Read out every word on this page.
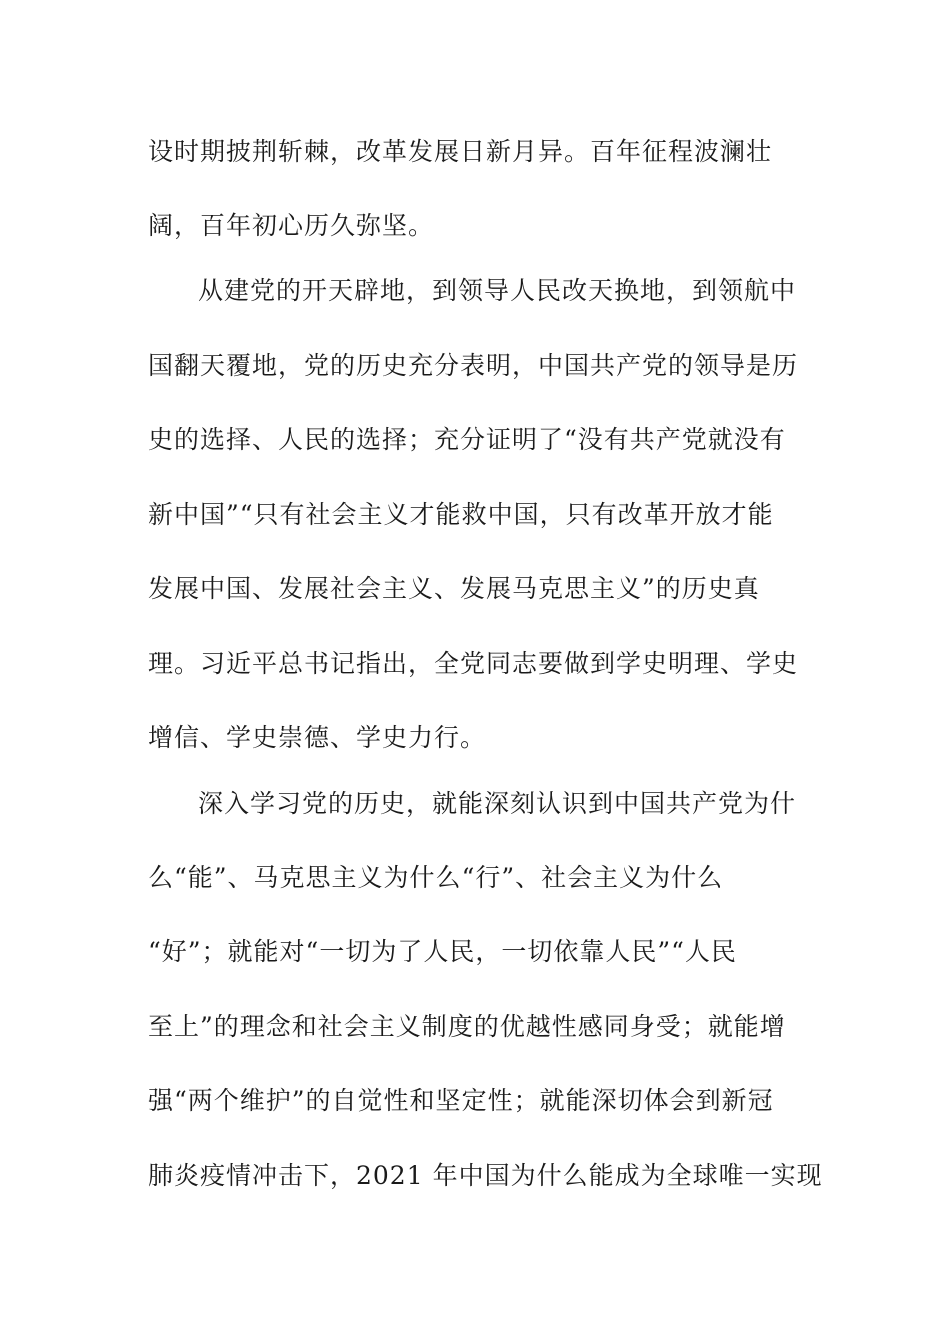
设时期披荆斩棘，改革发展日新月异。百年征程波澜壮
阔，百年初心历久弥坚。
从建党的开天辟地，到领导人民改天换地，到领航中
国翻天覆地，党的历史充分表明，中国共产党的领导是历
史的选择、人民的选择；充分证明了“没有共产党就没有
新中国”“只有社会主义才能救中国，只有改革开放才能
发展中国、发展社会主义、发展马克思主义”的历史真
理。习近平总书记指出，全党同志要做到学史明理、学史
增信、学史崇德、学史力行。
深入学习党的历史，就能深刻认识到中国共产党为什
么“能”、马克思主义为什么“行”、社会主义为什么
“好”；就能对“一切为了人民，一切依靠人民”“人民
至上”的理念和社会主义制度的优越性感同身受；就能增
强“两个维护”的自觉性和坚定性；就能深切体会到新冠
肺炎疫情冲击下，2021 年中国为什么能成为全球唯一实现
